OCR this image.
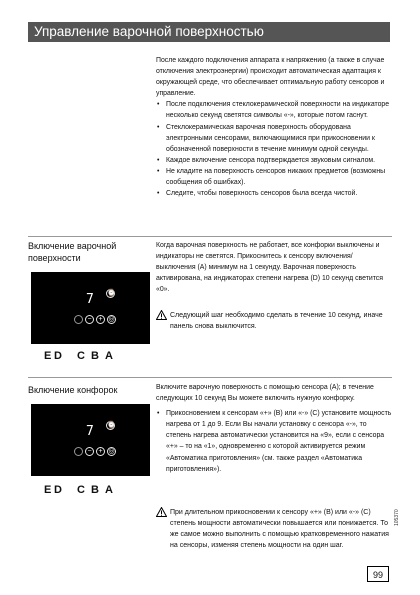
Управление варочной поверхностью

После каждого подключения аппарата к напряжению (а также в случае отключения электроэнергии) происходит автоматическая адаптация к окружающей среде, что обеспечивает оптимальную работу сенсоров и управление.

• После подключения стеклокерамической поверхности на индикаторе несколько секунд светятся символы «-», которые потом гаснут.
• Стеклокерамическая варочная поверхность оборудована электронными сенсорами, включающимися при прикосновении к обозначенной поверхности в течение минимум одной секунды.
• Каждое включение сенсора подтверждается звуковым сигналом.
• Не кладите на поверхность сенсоров никаких предметов (возможны сообщения об ошибках).
• Следите, чтобы поверхность сенсоров была всегда чистой.
Включение варочной поверхности

Когда варочная поверхность не работает, все конфорки выключены и индикаторы не светятся. Прикоснитесь к сенсору включения/выключения (A) минимум на 1 секунду. Варочная поверхность активирована, на индикаторах степени нагрева (D) 10 секунд светится «0».

Следующий шаг необходимо сделать в течение 10 секунд, иначе панель снова выключится.
7 ⌚
− + ◎
E D C B A
Включение конфорок	Включите варочную поверхность с помощью сенсора (A); в течение следующих 10 секунд Вы можете включить нужную конфорку.

• Прикосновением к сенсорам «+» (B) или «-» (C) установите мощность нагрева от 1 до 9. Если Вы начали установку с сенсора «-», то степень нагрева автоматически установится на «9», если с сенсора «+» – то на «1», одновременно с которой активируется режим «Автоматика приготовления» (см. также раздел «Автоматика приготовления»).
При длительном прикосновении к сенсору «+» (B) или «-» (C) степень мощности автоматически повышается или понижается. То же самое можно выполнить с помощью кратковременного нажатия на сенсоры, изменяя степень мощности на один шаг.
7 ⌚
− + ◎
E D C B A
105370
99
